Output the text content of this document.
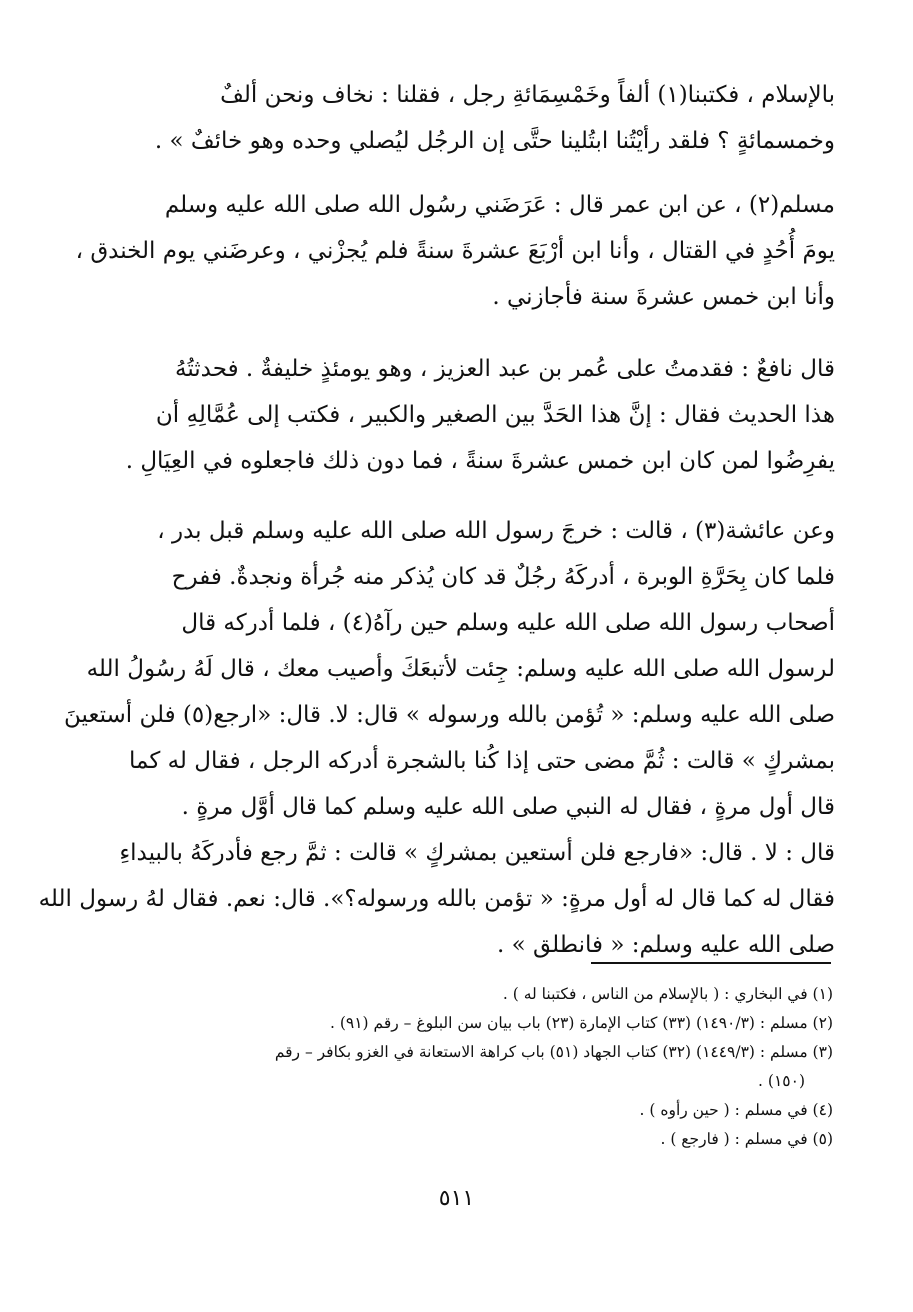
بالإسلام ، فكتبنا(١) ألفاً وخَمْسِمَائةِ رجل ، فقلنا : نخاف ونحن ألفٌ
وخمسمائةٍ ؟ فلقد رأيْتُنا ابتُلينا حتَّى إن الرجُل ليُصلي وحده وهو خائفٌ » .
مسلم(٢) ، عن ابن عمر قال : عَرَضَني رسُول الله صلى الله عليه وسلم
يومَ أُحُدٍ في القتال ، وأنا ابن أرْبَعَ عشرةَ سنةً فلم يُجزْني ، وعرضَني يوم الخندق ،
وأنا ابن خمس عشرةَ سنة فأجازني .
قال نافعٌ : فقدمتُ على عُمر بن عبد العزيز ، وهو يومئذٍ خليفةٌ . فحدثتُهُ
هذا الحديث فقال : إنَّ هذا الحَدَّ بين الصغير والكبير ، فكتب إلى عُمَّالِهِ أن
يفرِضُوا لمن كان ابن خمس عشرةَ سنةً ، فما دون ذلك فاجعلوه في العِيَالِ .
وعن عائشة(٣) ، قالت : خرجَ رسول الله صلى الله عليه وسلم قبل بدر ،
فلما كان بِحَرَّةِ الوبرة ، أدركَهُ رجُلٌ قد كان يُذكر منه جُرأة ونجدةٌ. ففرح
أصحاب رسول الله صلى الله عليه وسلم حين رآهُ(٤) ، فلما أدركه قال
لرسول الله صلى الله عليه وسلم: جِئت لأتبعَكَ وأصيب معك ، قال لَهُ رسُولُ الله
صلى الله عليه وسلم: « تُؤمن بالله ورسوله » قال: لا. قال: «ارجع(٥) فلن أستعينَ
بمشركٍ » قالت : ثُمَّ مضى حتى إذا كُنا بالشجرة أدركه الرجل ، فقال له كما
قال أول مرةٍ ، فقال له النبي صلى الله عليه وسلم كما قال أوَّل مرةٍ .
قال : لا . قال: «فارجع فلن أستعين بمشركٍ » قالت : ثمَّ رجع فأدركَهُ بالبيداءِ
فقال له كما قال له أول مرةٍ: « تؤمن بالله ورسوله؟». قال: نعم. فقال لهُ رسول الله
صلى الله عليه وسلم: « فانطلق » .
(١) في البخاري : ( بالإسلام من الناس ، فكتبنا له ) .
(٢) مسلم : (١٤٩٠/٣) (٣٣) كتاب الإمارة (٢٣) باب بيان سن البلوغ – رقم (٩١) .
(٣) مسلم : (١٤٤٩/٣) (٣٢) كتاب الجهاد (٥١) باب كراهة الاستعانة في الغزو بكافر – رقم
(١٥٠) .
(٤) في مسلم : ( حين رأوه ) .
(٥) في مسلم : ( فارجع ) .
٥١١
